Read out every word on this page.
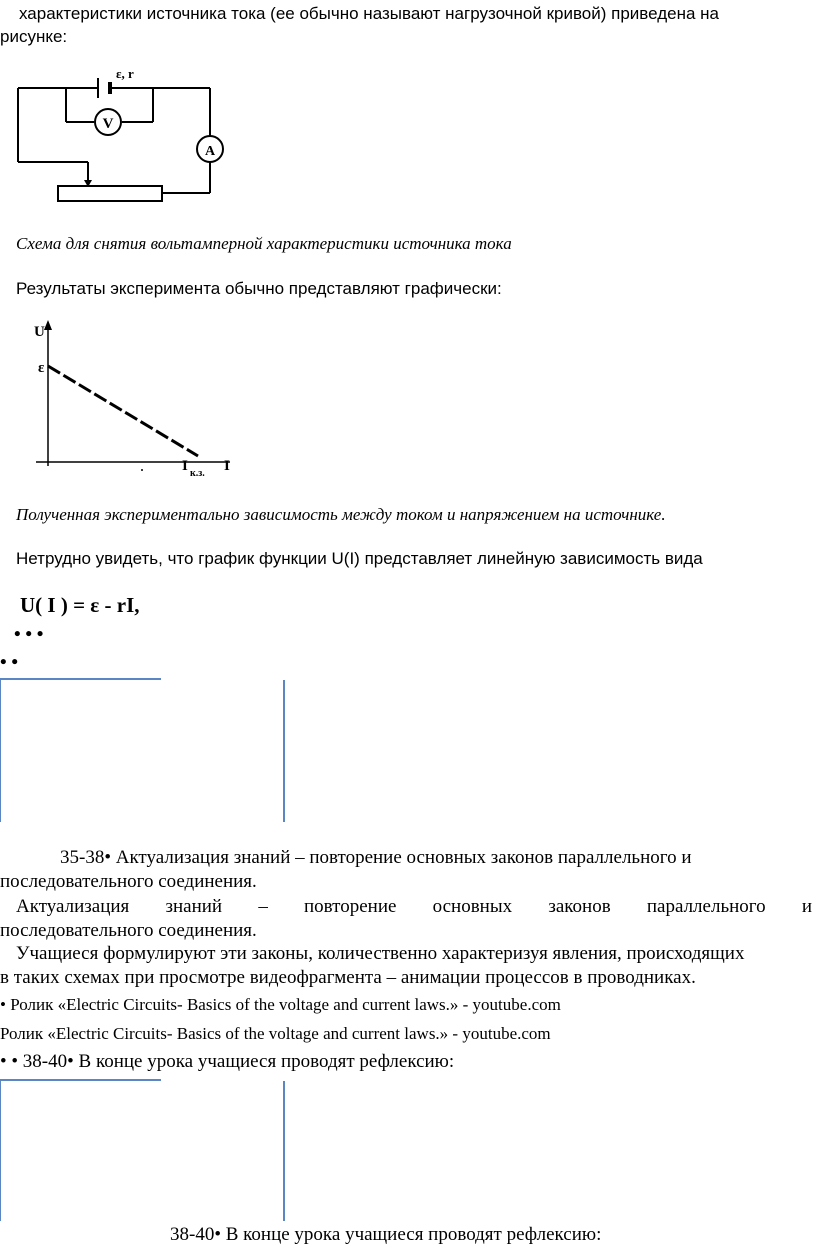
характеристики источника тока (ее обычно называют нагрузочной кривой) приведена на
рисунке:
ε, r
V
A
Схема для снятия вольтамперной характеристики источника тока
Результаты эксперимента обычно представляют графически:
U
ε
I к.з. I
Полученная экспериментально зависимость между током и напряжением на источнике.
Нетрудно увидеть, что график функции U(I) представляет линейную зависимость вида
U( I ) = ε - rI,
• • •
• •
35-38• Актуализация знаний – повторение основных законов параллельного и
последовательного соединения.
Актуализация знаний – повторение основных законов параллельного и
последовательного соединения.
Учащиеся формулируют эти законы, количественно характеризуя явления, происходящих
в таких схемах при просмотре видеофрагмента – анимации процессов в проводниках.
• Ролик «Electric Circuits- Basics of the voltage and current laws.» - youtube.com
Ролик «Electric Circuits- Basics of the voltage and current laws.» - youtube.com
• • 38-40• В конце урока учащиеся проводят рефлексию:
38-40• В конце урока учащиеся проводят рефлексию:
